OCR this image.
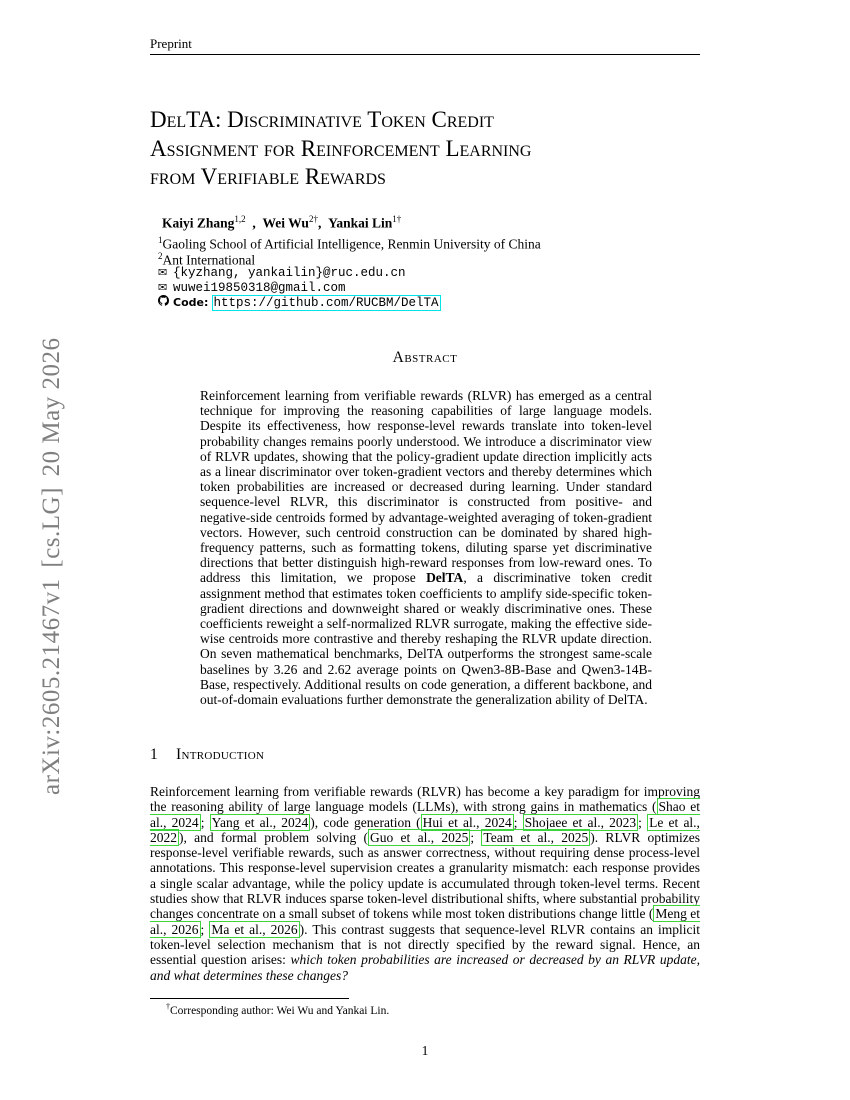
Preprint
arXiv:2605.21467v1 [cs.LG] 20 May 2026
DelTA: Discriminative Token Credit
Assignment for Reinforcement Learning
from Verifiable Rewards
Kaiyi Zhang$^{1,2}$  ,  Wei $Wu^{2\dagger}$,  Yankai Lin$^{1\dagger}$
$^1$Gaoling School of Artificial Intelligence, Renmin University of China
$^2$Ant International
✉ {kyzhang, yankailin}@ruc.edu.cn
✉ wuwei19850318@gmail.com
Code: https://github.com/RUCBM/DelTA
Abstract
Reinforcement learning from verifiable rewards (RLVR) has emerged as a central technique for improving the reasoning capabilities of large language models. Despite its effectiveness, how response-level rewards translate into token-level probability changes remains poorly understood. We introduce a discriminator view of RLVR updates, showing that the policy-gradient update direction implicitly acts as a linear discriminator over token-gradient vectors and thereby determines which token probabilities are increased or decreased during learning. Under standard sequence-level RLVR, this discriminator is constructed from positive- and negative-side centroids formed by advantage-weighted averaging of token-gradient vectors. However, such centroid construction can be dominated by shared high-frequency patterns, such as formatting tokens, diluting sparse yet discriminative directions that better distinguish high-reward responses from low-reward ones. To address this limitation, we propose DelTA, a discriminative token credit assignment method that estimates token coefficients to amplify side-specific token-gradient directions and downweight shared or weakly discriminative ones. These coefficients reweight a self-normalized RLVR surrogate, making the effective side-wise centroids more contrastive and thereby reshaping the RLVR update direction. On seven mathematical benchmarks, DelTA outperforms the strongest same-scale baselines by 3.26 and 2.62 average points on Qwen3-8B-Base and Qwen3-14B-Base, respectively. Additional results on code generation, a different backbone, and out-of-domain evaluations further demonstrate the generalization ability of DelTA.
1 Introduction
Reinforcement learning from verifiable rewards (RLVR) has become a key paradigm for improving the reasoning ability of large language models (LLMs), with strong gains in mathematics ( Shao et al., 2024 ; Yang et al., 2024 ), code generation ( Hui et al., 2024 ; Shojaee et al., 2023 ; Le et al., 2022 ), and formal problem solving ( Guo et al., 2025 ; Team et al., 2025 ). RLVR optimizes response-level verifiable rewards, such as answer correctness, without requiring dense process-level annotations. This response-level supervision creates a granularity mismatch: each response provides a single scalar advantage, while the policy update is accumulated through token-level terms. Recent studies show that RLVR induces sparse token-level distributional shifts, where substantial probability changes concentrate on a small subset of tokens while most token distributions change little ( Meng et al., 2026 ; Ma et al., 2026 ). This contrast suggests that sequence-level RLVR contains an implicit token-level selection mechanism that is not directly specified by the reward signal. Hence, an essential question arises: which token probabilities are increased or decreased by an RLVR update, and what determines these changes?
†Corresponding author: Wei Wu and Yankai Lin.
1
